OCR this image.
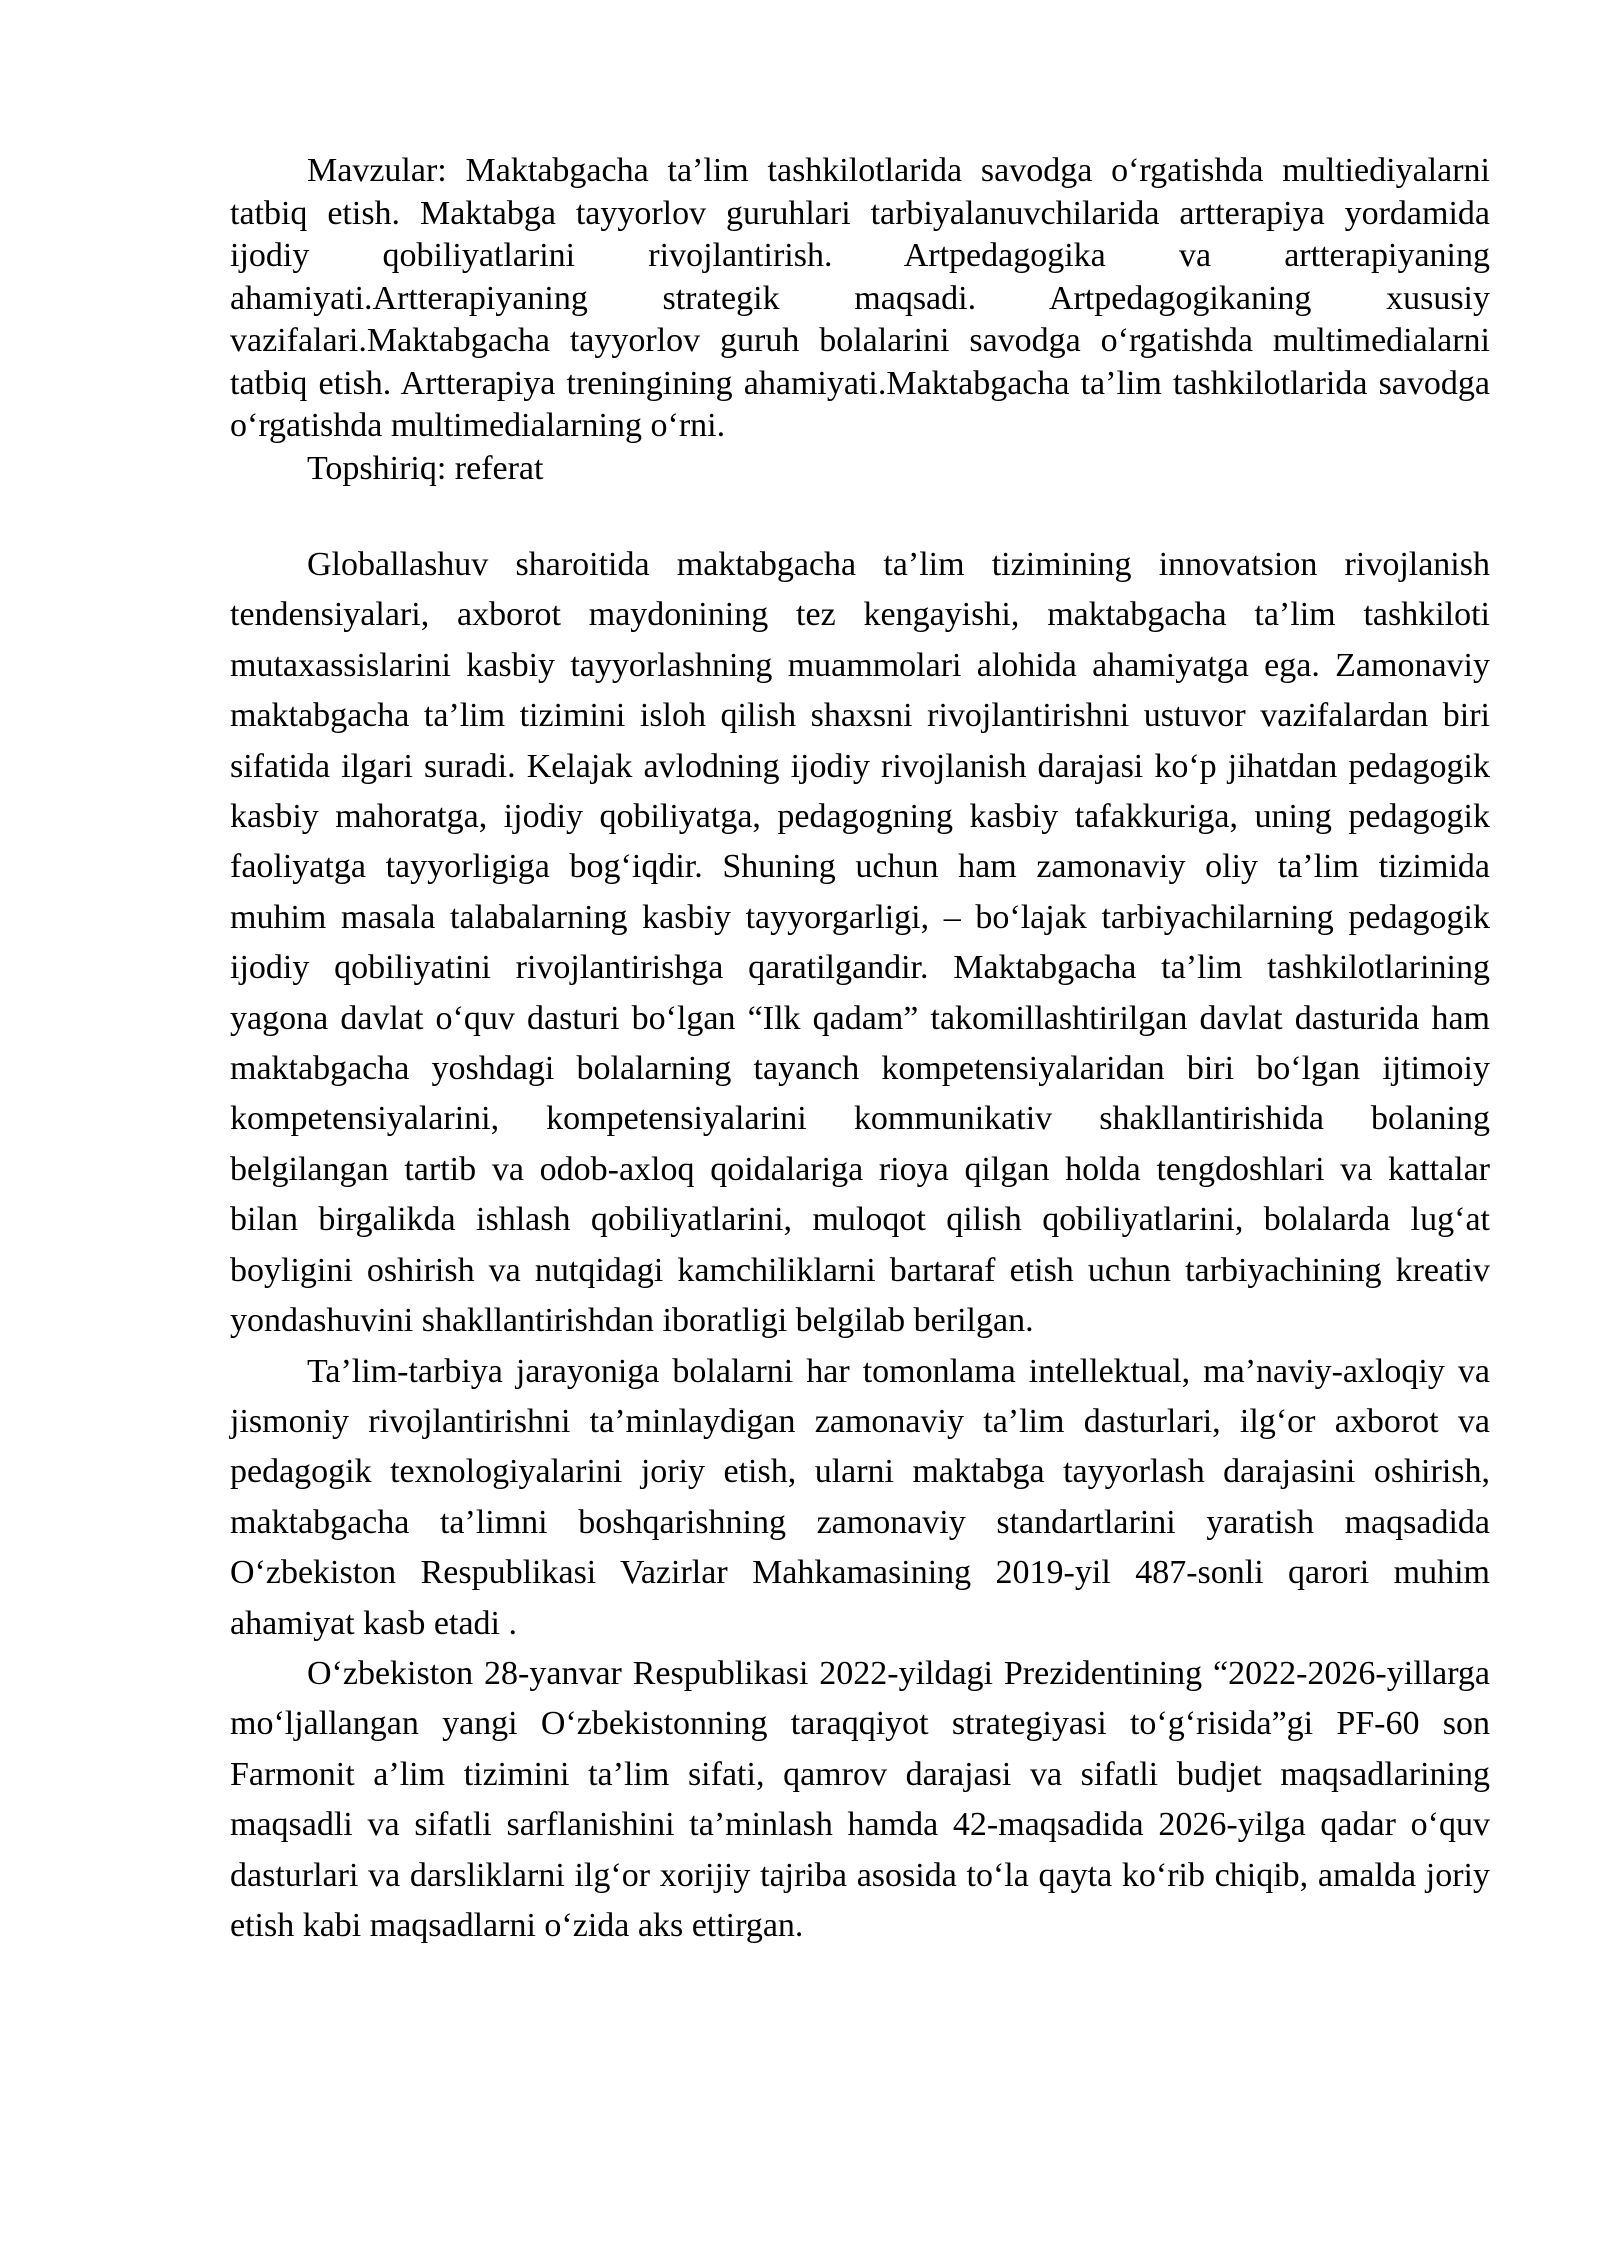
Mavzular: Maktabgacha ta’lim tashkilotlarida savodga o‘rgatishda multiediyalarni tatbiq etish. Maktabga tayyorlov guruhlari tarbiyalanuvchilarida artterapiya yordamida ijodiy qobiliyatlarini rivojlantirish. Artpedagogika va artterapiyaning ahamiyati.Artterapiyaning strategik maqsadi. Artpedagogikaning xususiy vazifalari.Maktabgacha tayyorlov guruh bolalarini savodga o‘rgatishda multimedialarni tatbiq etish. Artterapiya treningining ahamiyati.Maktabgacha ta’lim tashkilotlarida savodga o‘rgatishda multimedialarning o‘rni.

Topshiriq: referat

Globallashuv sharoitida maktabgacha ta’lim tizimining innovatsion rivojlanish tendensiyalari, axborot maydonining tez kengayishi, maktabgacha ta’lim tashkiloti mutaxassislarini kasbiy tayyorlashning muammolari alohida ahamiyatga ega. Zamonaviy maktabgacha ta’lim tizimini isloh qilish shaxsni rivojlantirishni ustuvor vazifalardan biri sifatida ilgari suradi. Kelajak avlodning ijodiy rivojlanish darajasi ko‘p jihatdan pedagogik kasbiy mahoratga, ijodiy qobiliyatga, pedagogning kasbiy tafakkuriga, uning pedagogik faoliyatga tayyorligiga bog‘iqdir. Shuning uchun ham zamonaviy oliy ta’lim tizimida muhim masala talabalarning kasbiy tayyorgarligi, – bo‘lajak tarbiyachilarning pedagogik ijodiy qobiliyatini rivojlantirishga qaratilgandir. Maktabgacha ta’lim tashkilotlarining yagona davlat o‘quv dasturi bo‘lgan “Ilk qadam” takomillashtirilgan davlat dasturida ham maktabgacha yoshdagi bolalarning tayanch kompetensiyalaridan biri bo‘lgan ijtimoiy kompetensiyalarini, kompetensiyalarini kommunikativ shakllantirishida bolaning belgilangan tartib va odob-axloq qoidalariga rioya qilgan holda tengdoshlari va kattalar bilan birgalikda ishlash qobiliyatlarini, muloqot qilish qobiliyatlarini, bolalarda lug‘at boyligini oshirish va nutqidagi kamchiliklarni bartaraf etish uchun tarbiyachining kreativ yondashuvini shakllantirishdan iboratligi belgilab berilgan.

Ta’lim-tarbiya jarayoniga bolalarni har tomonlama intellektual, ma’naviy-axloqiy va jismoniy rivojlantirishni ta’minlaydigan zamonaviy ta’lim dasturlari, ilg‘or axborot va pedagogik texnologiyalarini joriy etish, ularni maktabga tayyorlash darajasini oshirish, maktabgacha ta’limni boshqarishning zamonaviy standartlarini yaratish maqsadida O‘zbekiston Respublikasi Vazirlar Mahkamasining 2019-yil 487-sonli qarori muhim ahamiyat kasb etadi .

O‘zbekiston 28-yanvar Respublikasi 2022-yildagi Prezidentining “2022-2026-yillarga mo‘ljallangan yangi O‘zbekistonning taraqqiyot strategiyasi to‘g‘risida”gi PF-60 son Farmonit a’lim tizimini ta’lim sifati, qamrov darajasi va sifatli budjet maqsadlarining maqsadli va sifatli sarflanishini ta’minlash hamda 42-maqsadida 2026-yilga qadar o‘quv dasturlari va darsliklarni ilg‘or xorijiy tajriba asosida to‘la qayta ko‘rib chiqib, amalda joriy etish kabi maqsadlarni o‘zida aks ettirgan.
